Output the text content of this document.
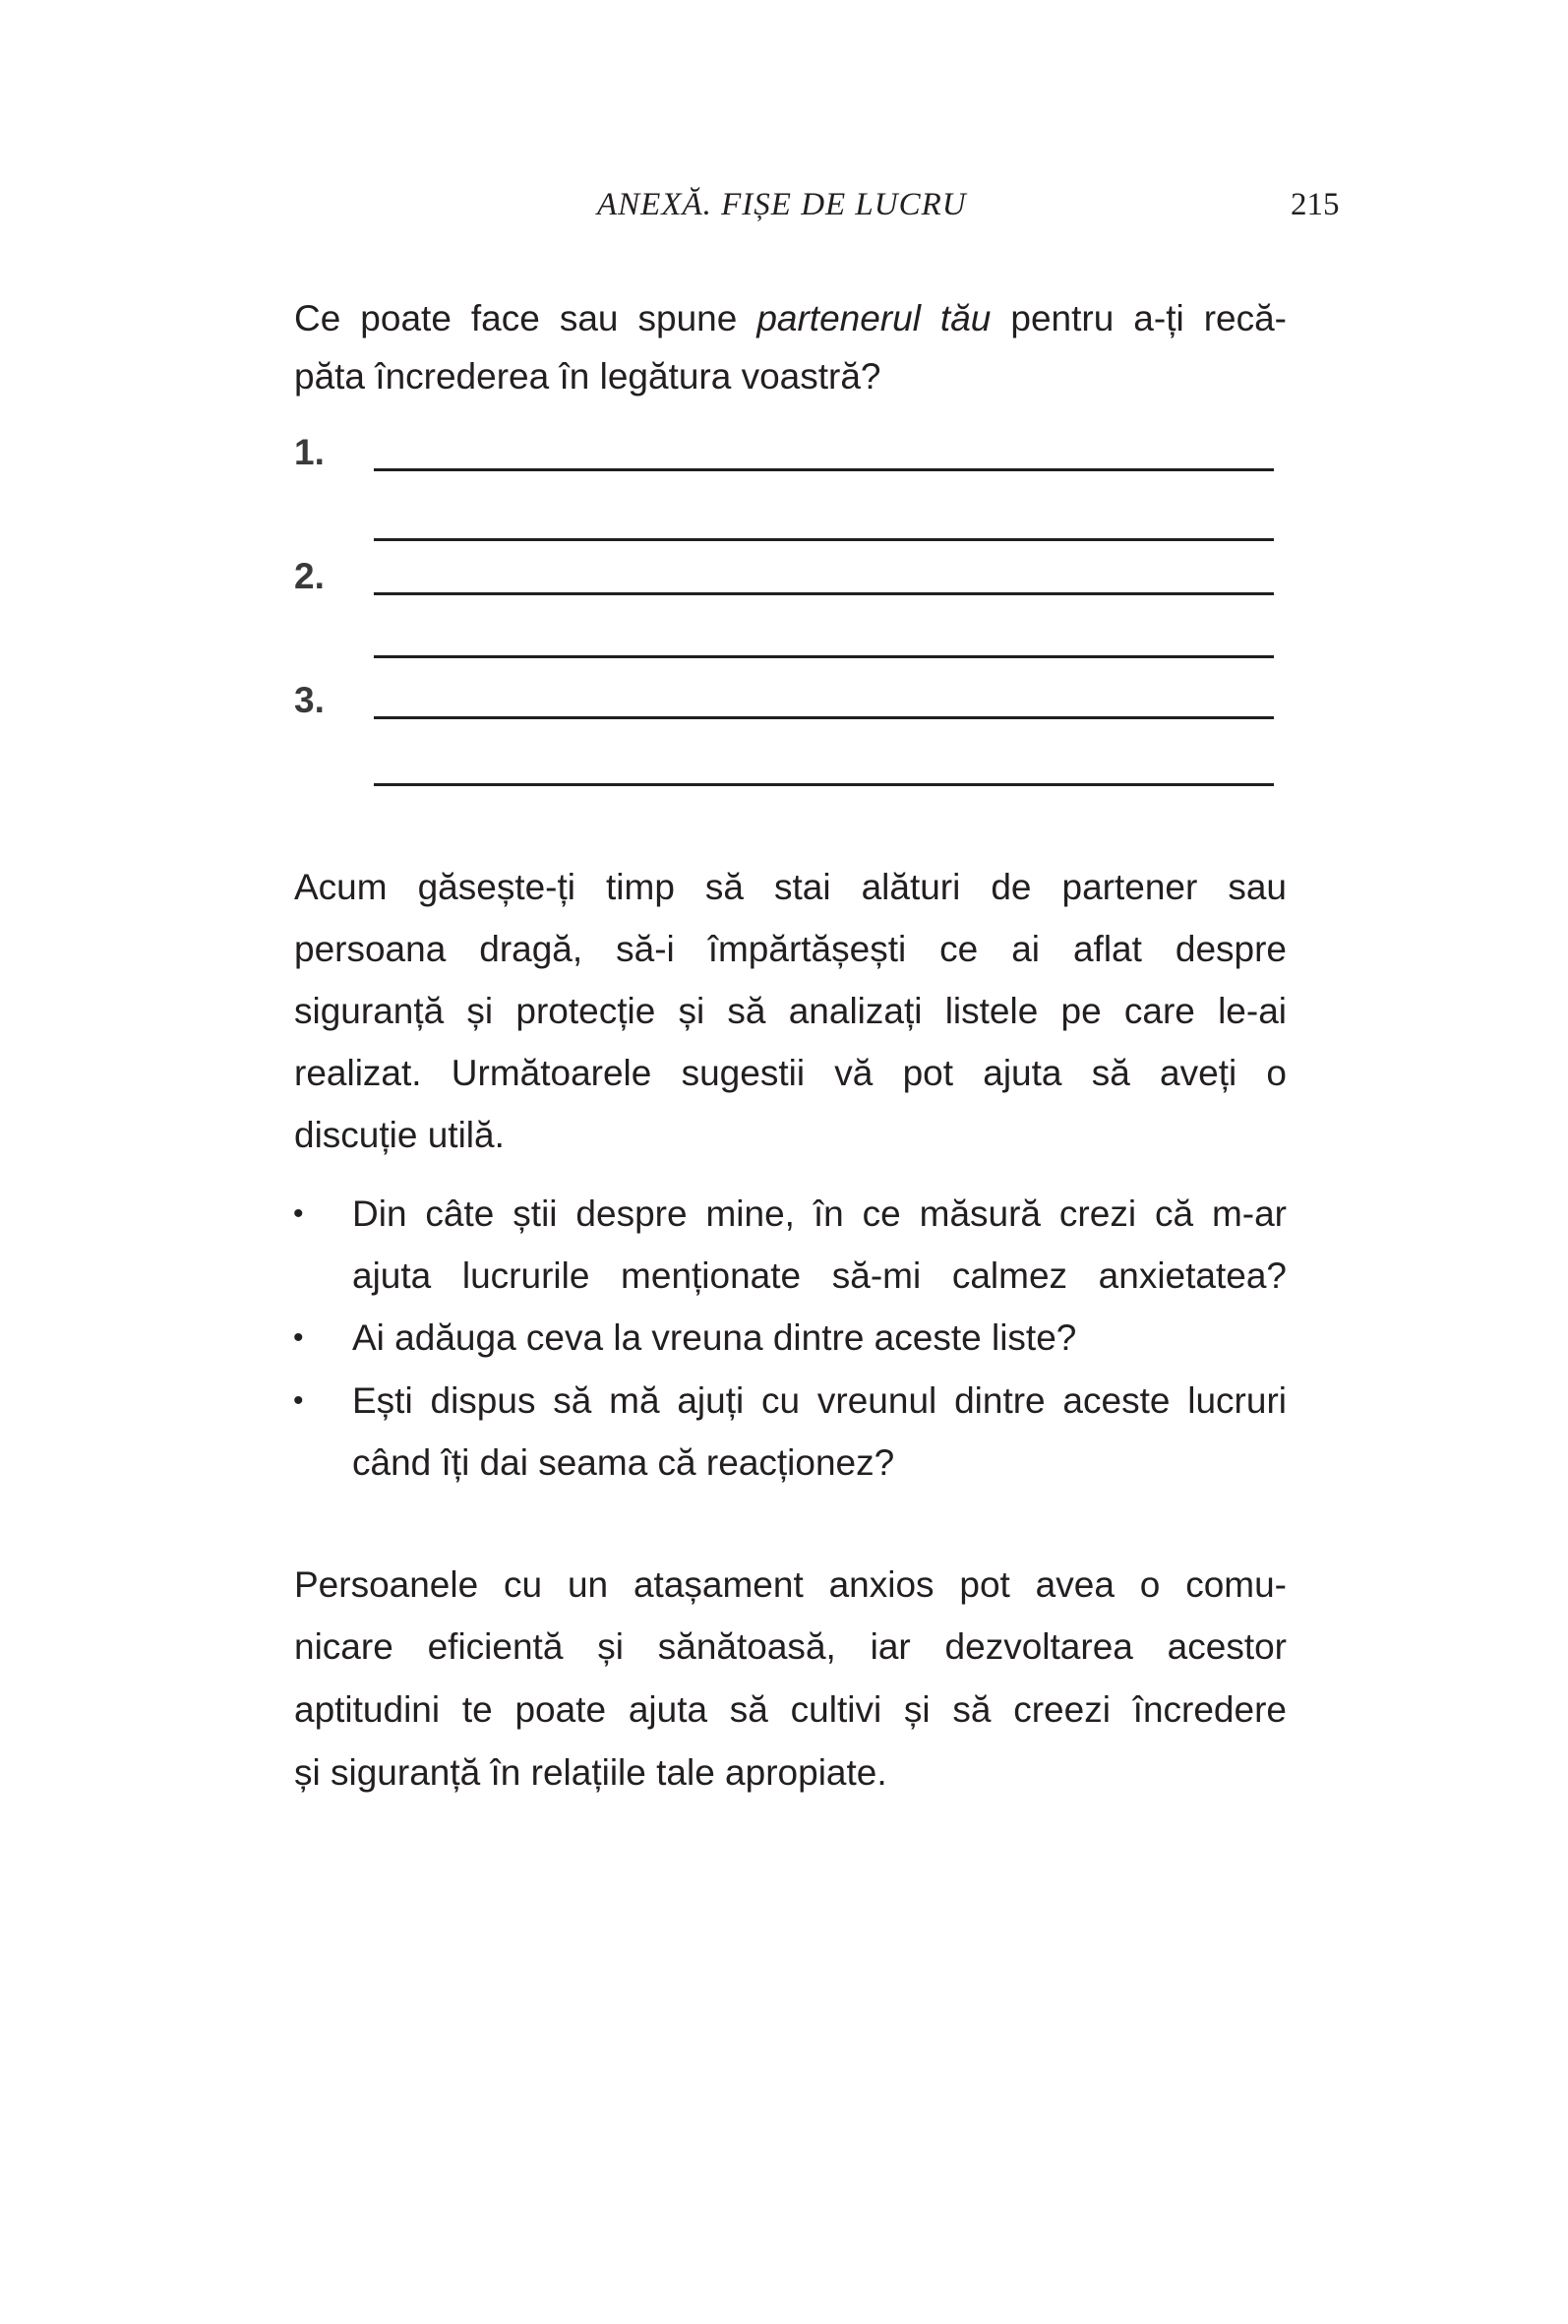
ANEXĂ. FIȘE DE LUCRU	215
Ce poate face sau spune partenerul tău pentru a-ți recă-
păta încrederea în legătura voastră?
1.
2.
3.
Acum găsește-ți timp să stai alături de partener sau
persoana dragă, să-i împărtășești ce ai aflat despre
siguranță și protecție și să analizați listele pe care le-ai
realizat. Următoarele sugestii vă pot ajuta să aveți o
discuție utilă.
• Din câte știi despre mine, în ce măsură crezi că m-ar
ajuta lucrurile menționate să-mi calmez anxietatea?
• Ai adăuga ceva la vreuna dintre aceste liste?
• Ești dispus să mă ajuți cu vreunul dintre aceste lucruri
când îți dai seama că reacționez?
Persoanele cu un atașament anxios pot avea o comu-
nicare eficientă și sănătoasă, iar dezvoltarea acestor
aptitudini te poate ajuta să cultivi și să creezi încredere
și siguranță în relațiile tale apropiate.
